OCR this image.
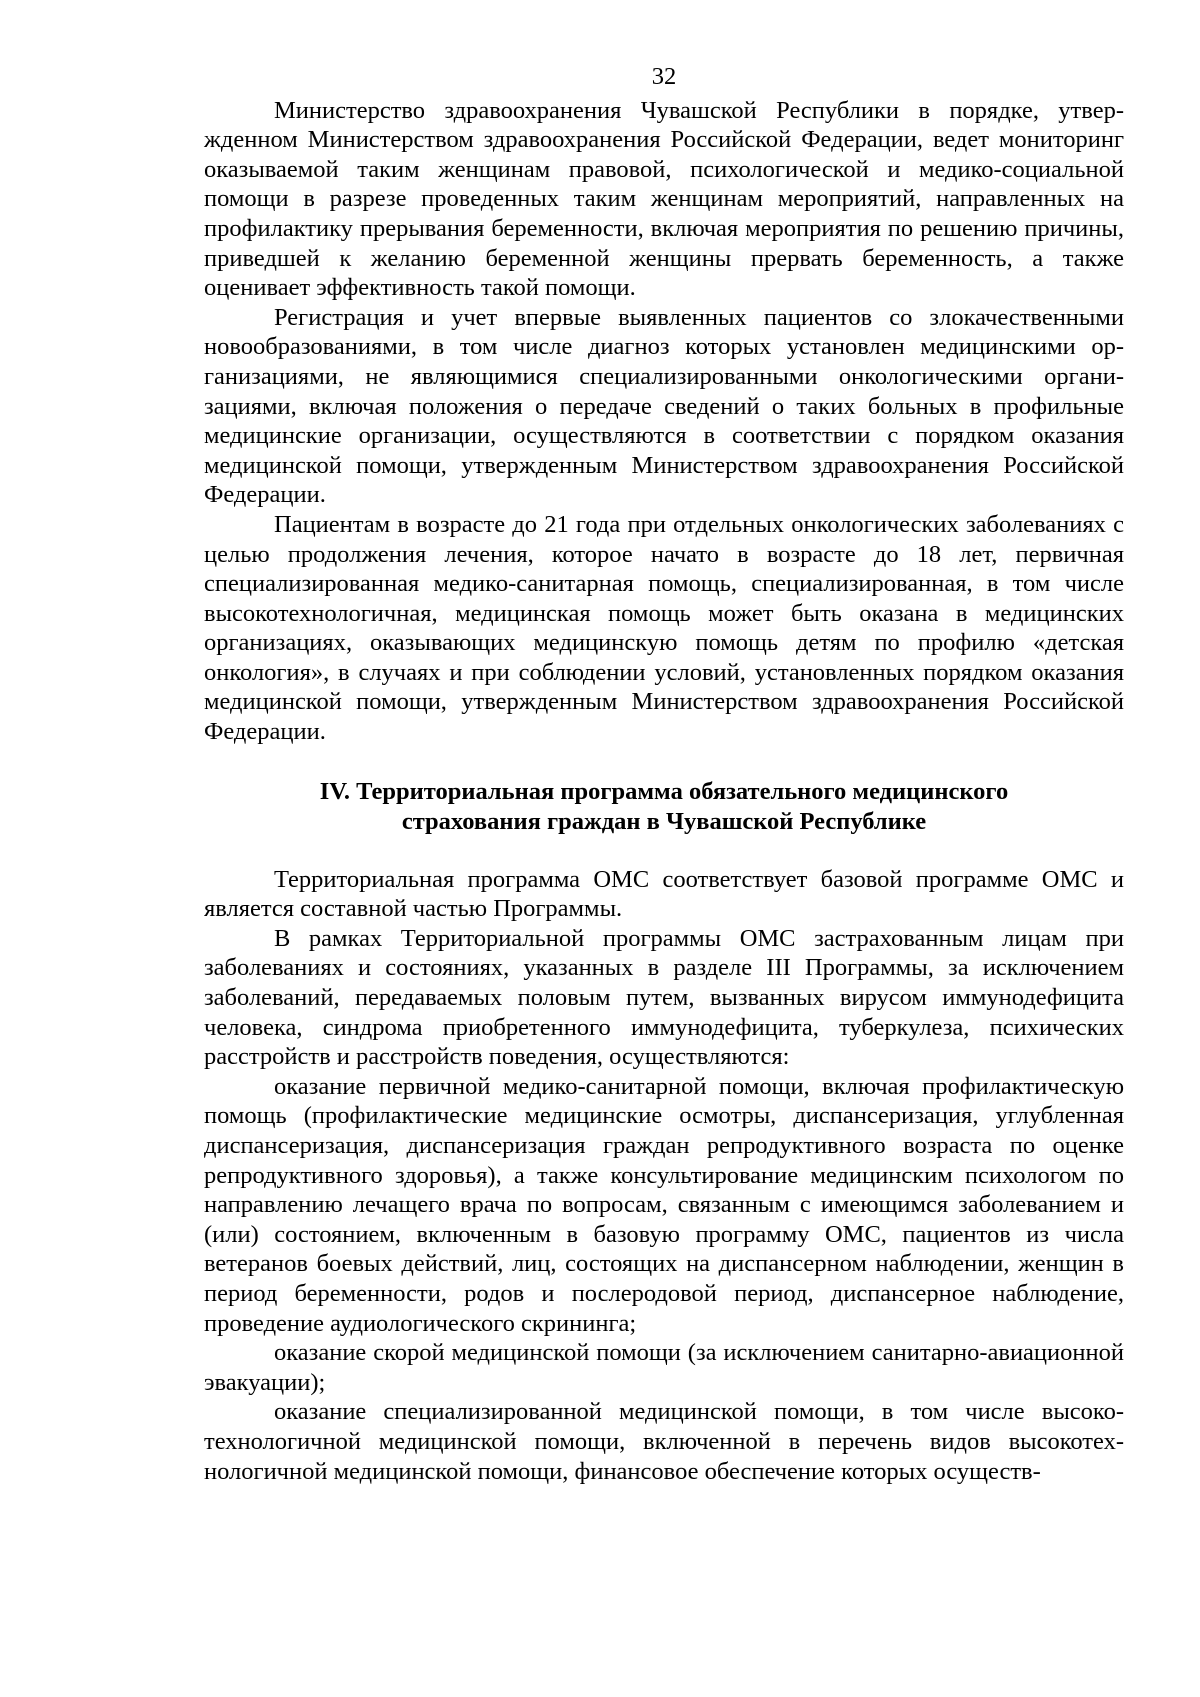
32

Министерство здравоохранения Чувашской Республики в порядке, утвержденном Министерством здравоохранения Российской Федерации, ведет мониторинг оказываемой таким женщинам правовой, психологической и медико-социальной помощи в разрезе проведенных таким женщинам мероприятий, направленных на профилактику прерывания беременности, включая мероприятия по решению причины, приведшей к желанию беременной женщины прервать беременность, а также оценивает эффективность такой помощи.

Регистрация и учет впервые выявленных пациентов со злокачественными новообразованиями, в том числе диагноз которых установлен медицинскими организациями, не являющимися специализированными онкологическими организациями, включая положения о передаче сведений о таких больных в профильные медицинские организации, осуществляются в соответствии с порядком оказания медицинской помощи, утвержденным Министерством здравоохранения Российской Федерации.

Пациентам в возрасте до 21 года при отдельных онкологических заболеваниях с целью продолжения лечения, которое начато в возрасте до 18 лет, первичная специализированная медико-санитарная помощь, специализированная, в том числе высокотехнологичная, медицинская помощь может быть оказана в медицинских организациях, оказывающих медицинскую помощь детям по профилю «детская онкология», в случаях и при соблюдении условий, установленных порядком оказания медицинской помощи, утвержденным Министерством здравоохранения Российской Федерации.

IV. Территориальная программа обязательного медицинского
страхования граждан в Чувашской Республике

Территориальная программа ОМС соответствует базовой программе ОМС и является составной частью Программы.

В рамках Территориальной программы ОМС застрахованным лицам при заболеваниях и состояниях, указанных в разделе III Программы, за исключением заболеваний, передаваемых половым путем, вызванных вирусом иммунодефицита человека, синдрома приобретенного иммунодефицита, туберкулеза, психических расстройств и расстройств поведения, осуществляются:

оказание первичной медико-санитарной помощи, включая профилактическую помощь (профилактические медицинские осмотры, диспансеризация, углубленная диспансеризация, диспансеризация граждан репродуктивного возраста по оценке репродуктивного здоровья), а также консультирование медицинским психологом по направлению лечащего врача по вопросам, связанным с имеющимся заболеванием и (или) состоянием, включенным в базовую программу ОМС, пациентов из числа ветеранов боевых действий, лиц, состоящих на диспансерном наблюдении, женщин в период беременности, родов и послеродовой период, диспансерное наблюдение, проведение аудиологического скрининга;

оказание скорой медицинской помощи (за исключением санитарно-авиационной эвакуации);

оказание специализированной медицинской помощи, в том числе высокотехнологичной медицинской помощи, включенной в перечень видов высокотехнологичной медицинской помощи, финансовое обеспечение которых осуществ-
